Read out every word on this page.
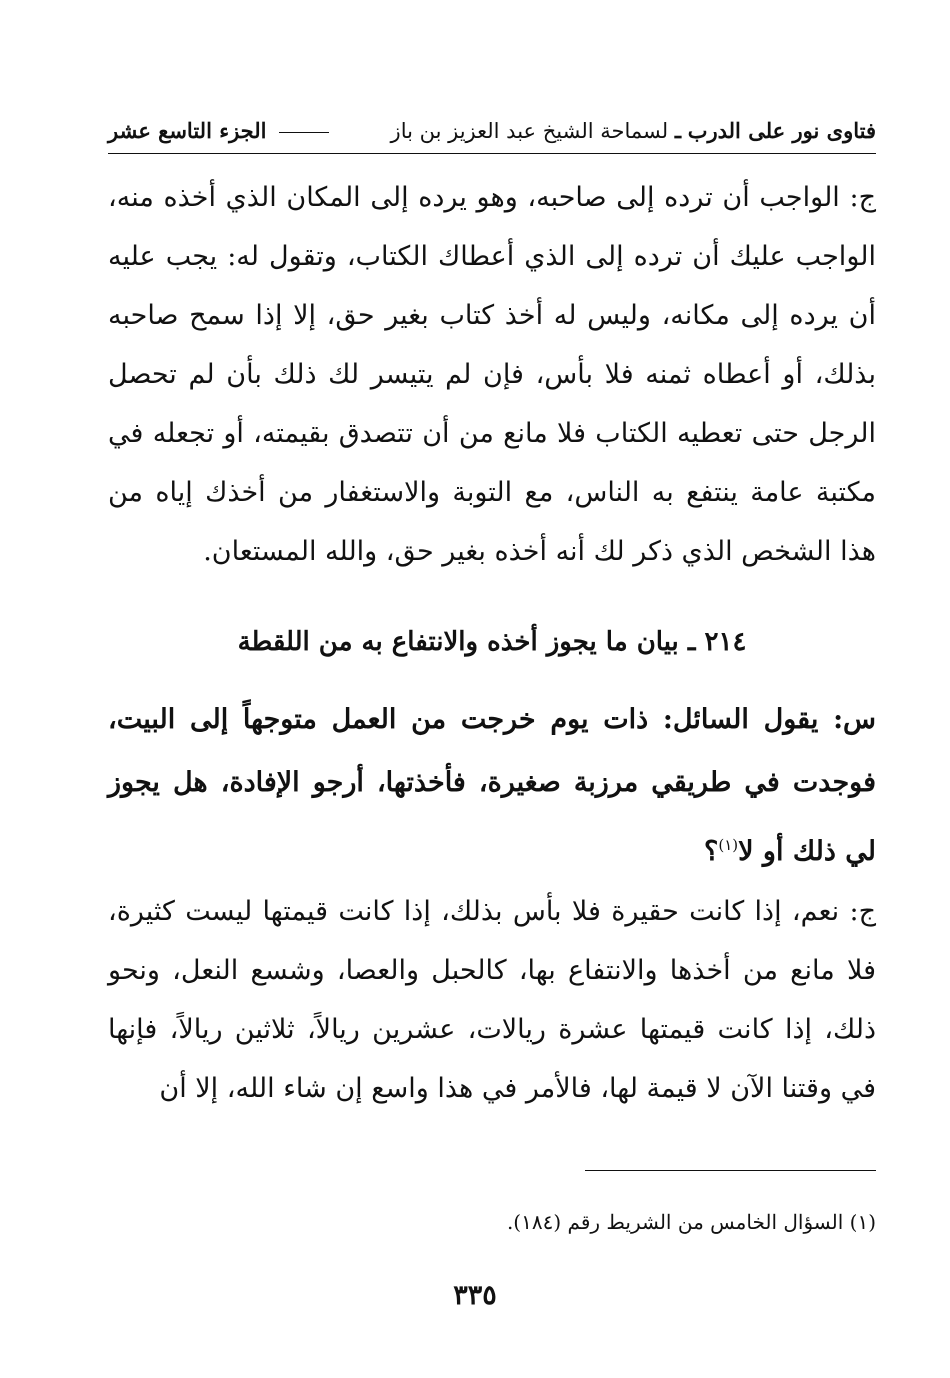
فتاوى نور على الدرب ـ لسماحة الشيخ عبد العزيز بن باز
الجزء التاسع عشر
ج: الواجب أن ترده إلى صاحبه، وهو يرده إلى المكان الذي أخذه منه، الواجب عليك أن ترده إلى الذي أعطاك الكتاب، وتقول له: يجب عليه أن يرده إلى مكانه، وليس له أخذ كتاب بغير حق، إلا إذا سمح صاحبه بذلك، أو أعطاه ثمنه فلا بأس، فإن لم يتيسر لك ذلك بأن لم تحصل الرجل حتى تعطيه الكتاب فلا مانع من أن تتصدق بقيمته، أو تجعله في مكتبة عامة ينتفع به الناس، مع التوبة والاستغفار من أخذك إياه من هذا الشخص الذي ذكر لك أنه أخذه بغير حق، والله المستعان.
٢١٤ ـ بيان ما يجوز أخذه والانتفاع به من اللقطة
س: يقول السائل: ذات يوم خرجت من العمل متوجهاً إلى البيت، فوجدت في طريقي مرزبة صغيرة، فأخذتها، أرجو الإفادة، هل يجوز لي ذلك أو لا$^{(١)}$؟
ج: نعم، إذا كانت حقيرة فلا بأس بذلك، إذا كانت قيمتها ليست كثيرة، فلا مانع من أخذها والانتفاع بها، كالحبل والعصا، وشسع النعل، ونحو ذلك، إذا كانت قيمتها عشرة ريالات، عشرين ريالاً، ثلاثين ريالاً، فإنها في وقتنا الآن لا قيمة لها، فالأمر في هذا واسع إن شاء الله، إلا أن
(١) السؤال الخامس من الشريط رقم (١٨٤).
٣٣٥
